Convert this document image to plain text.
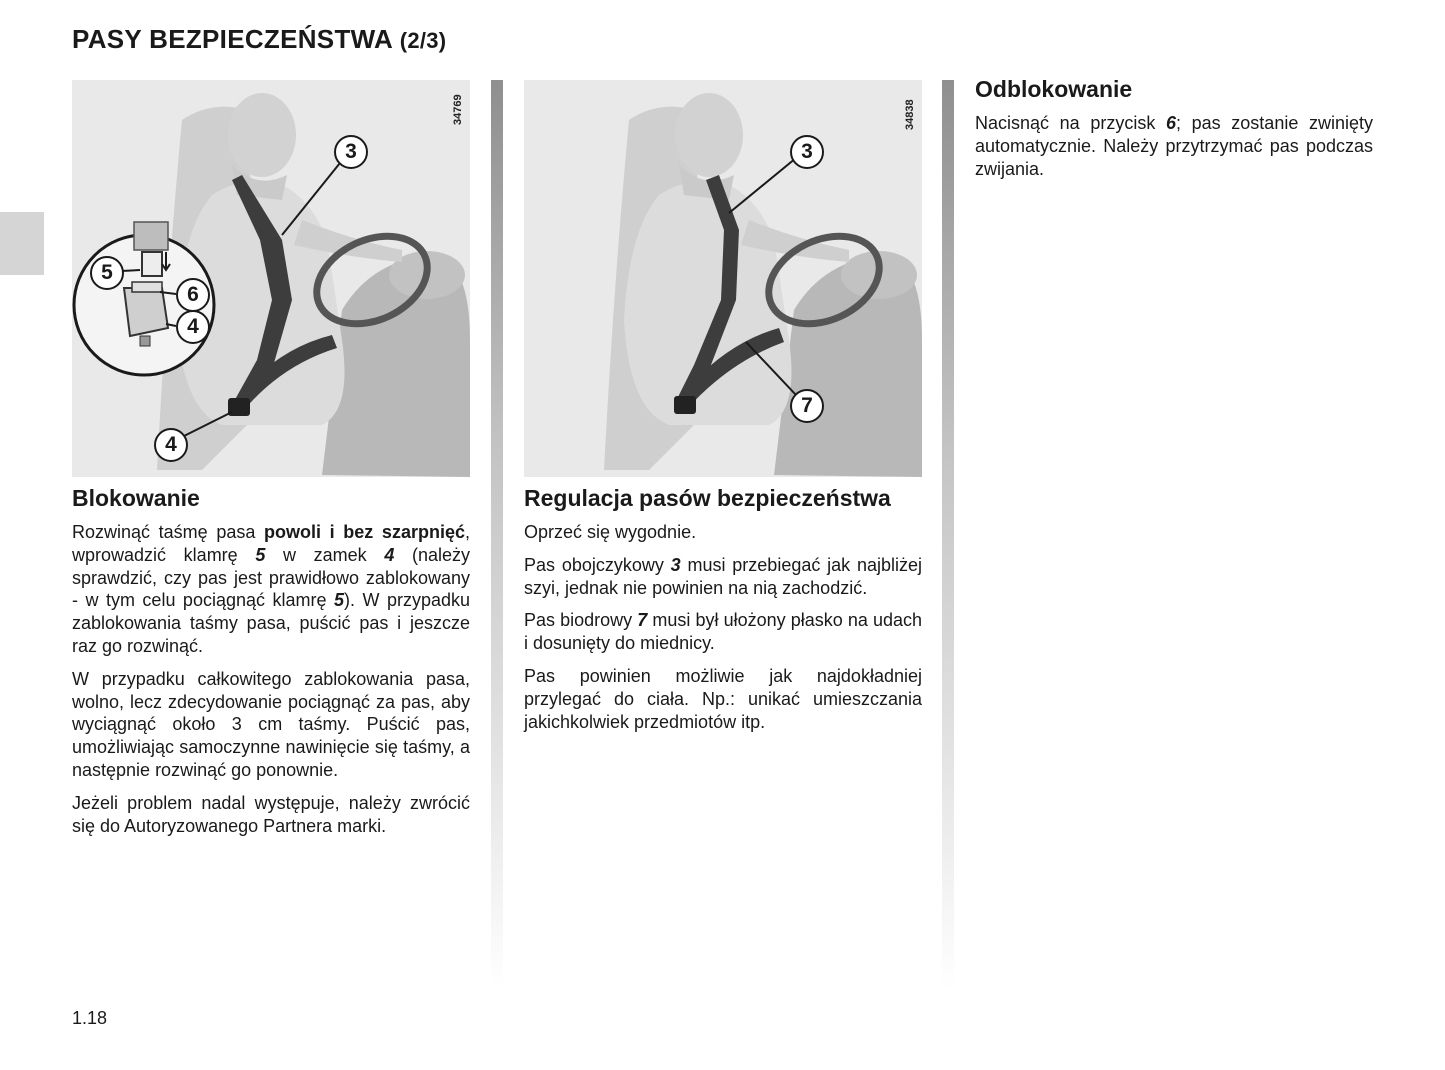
PASY BEZPIECZEŃSTWA (2/3)
34769
3
5
6
4
4
Blokowanie

Rozwinąć taśmę pasa powoli i bez szarpnięć, wprowadzić klamrę 5 w zamek 4 (należy sprawdzić, czy pas jest prawidłowo zablokowany - w tym celu pociągnąć klamrę 5). W przypadku zablokowania taśmy pasa, puścić pas i jeszcze raz go rozwinąć.

W przypadku całkowitego zablokowania pasa, wolno, lecz zdecydowanie pociągnąć za pas, aby wyciągnąć około 3 cm taśmy. Puścić pas, umożliwiając samoczynne nawinięcie się taśmy, a następnie rozwinąć go ponownie.

Jeżeli problem nadal występuje, należy zwrócić się do Autoryzowanego Partnera marki.

34838
3
7
Regulacja pasów bezpieczeństwa

Oprzeć się wygodnie.

Pas obojczykowy 3 musi przebiegać jak najbliżej szyi, jednak nie powinien na nią zachodzić.

Pas biodrowy 7 musi był ułożony płasko na udach i dosunięty do miednicy.

Pas powinien możliwie jak najdokładniej przylegać do ciała. Np.: unikać umieszczania jakichkolwiek przedmiotów itp.

Odblokowanie

Nacisnąć na przycisk 6; pas zostanie zwinięty automatycznie. Należy przytrzymać pas podczas zwijania.

1.18
